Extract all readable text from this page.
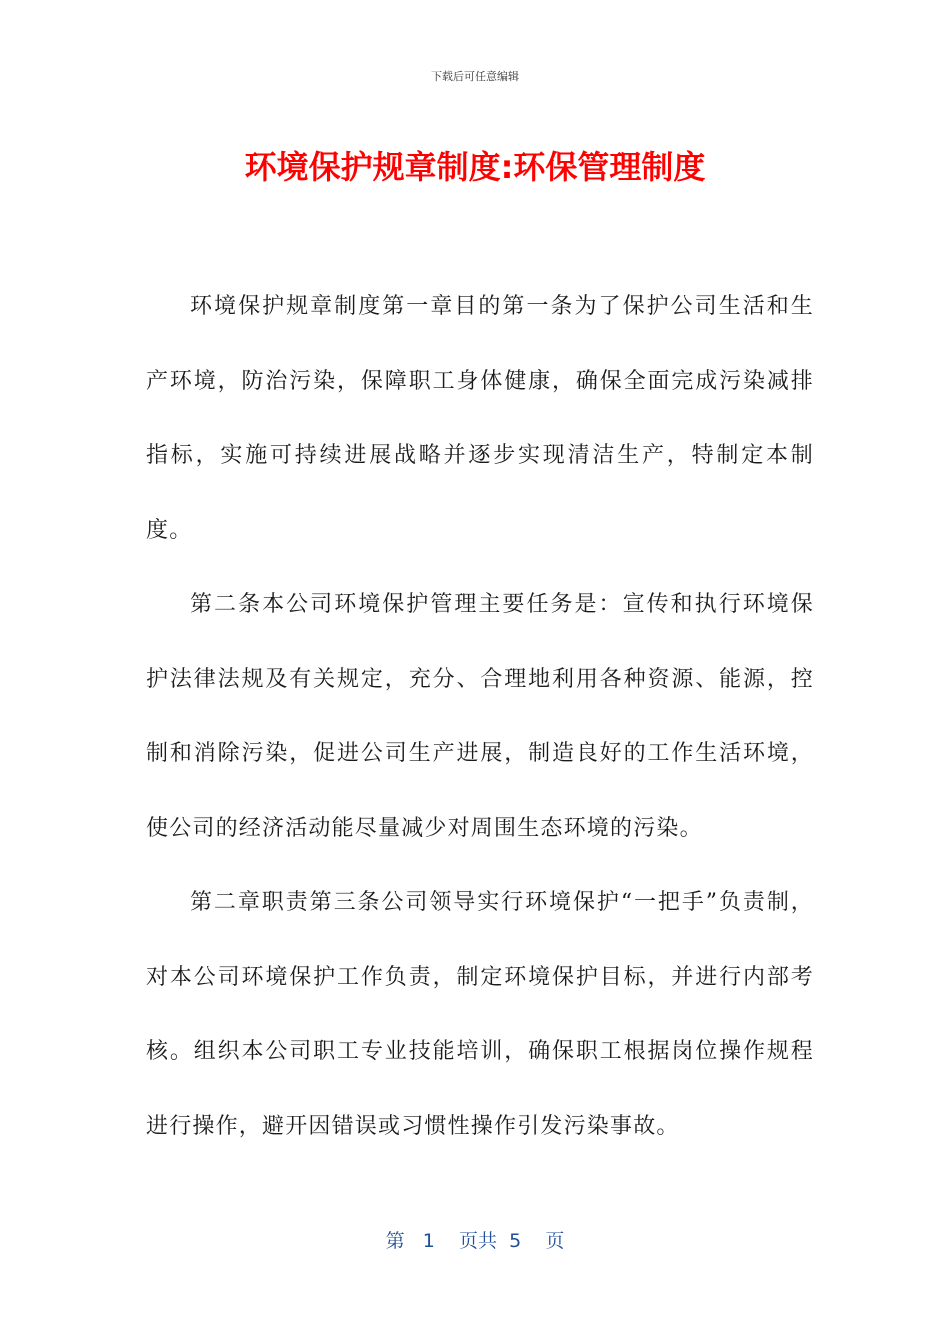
下载后可任意编辑
环境保护规章制度:环保管理制度

环境保护规章制度第一章目的第一条为了保护公司生活和生产环境，防治污染，保障职工身体健康，确保全面完成污染减排指标，实施可持续进展战略并逐步实现清洁生产，特制定本制度。

第二条本公司环境保护管理主要任务是：宣传和执行环境保护法律法规及有关规定，充分、合理地利用各种资源、能源，控制和消除污染，促进公司生产进展，制造良好的工作生活环境，使公司的经济活动能尽量减少对周围生态环境的污染。

第二章职责第三条公司领导实行环境保护“一把手”负责制，对本公司环境保护工作负责，制定环境保护目标，并进行内部考核。组织本公司职工专业技能培训，确保职工根据岗位操作规程进行操作，避开因错误或习惯性操作引发污染事故。

第 1 页共 5 页
